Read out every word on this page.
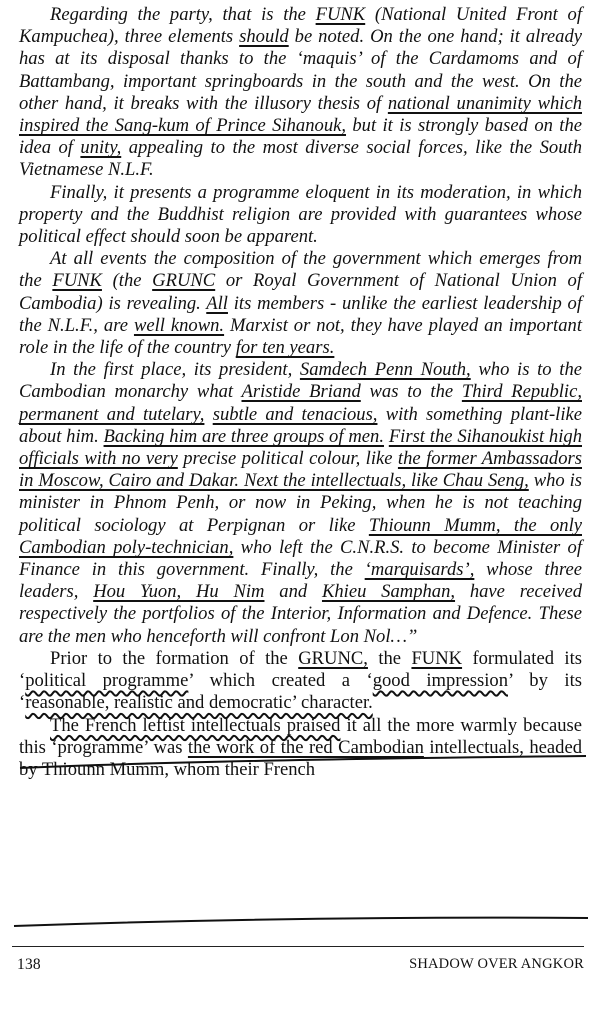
Regarding the party, that is the FUNK (National United Front of Kampuchea), three elements should be noted. On the one hand; it already has at its disposal thanks to the ‘maquis’ of the Cardamoms and of Battambang, important springboards in the south and the west. On the other hand, it breaks with the illusory thesis of national unanimity which inspired the Sang-kum of Prince Sihanouk, but it is strongly based on the idea of unity, appealing to the most diverse social forces, like the South Vietnamese N.L.F.

Finally, it presents a programme eloquent in its moderation, in which property and the Buddhist religion are provided with guarantees whose political effect should soon be apparent.

At all events the composition of the government which emerges from the FUNK (the GRUNC or Royal Government of National Union of Cambodia) is revealing. All its members - unlike the earliest leadership of the N.L.F., are well known. Marxist or not, they have played an important role in the life of the country for ten years.

In the first place, its president, Samdech Penn Nouth, who is to the Cambodian monarchy what Aristide Briand was to the Third Republic, permanent and tutelary, subtle and tenacious, with something plant-like about him. Backing him are three groups of men. First the Sihanoukist high officials with no very precise political colour, like the former Ambassadors in Moscow, Cairo and Dakar. Next the intellectuals, like Chau Seng, who is minister in Phnom Penh, or now in Peking, when he is not teaching political sociology at Perpignan or like Thiounn Mumm, the only Cambodian poly-technician, who left the C.N.R.S. to become Minister of Finance in this government. Finally, the ‘marquisards’, whose three leaders, Hou Yuon, Hu Nim and Khieu Samphan, have received respectively the portfolios of the Interior, Information and Defence. These are the men who henceforth will confront Lon Nol…”

Prior to the formation of the GRUNC, the FUNK formulated its ‘political programme’ which created a ‘good impression’ by its ‘reasonable, realistic and democratic’ character.

The French leftist intellectuals praised it all the more warmly because this ‘programme’ was the work of the red Cambodian intellectuals, headed by Thiounn Mumm, whom their French

138	SHADOW OVER ANGKOR
